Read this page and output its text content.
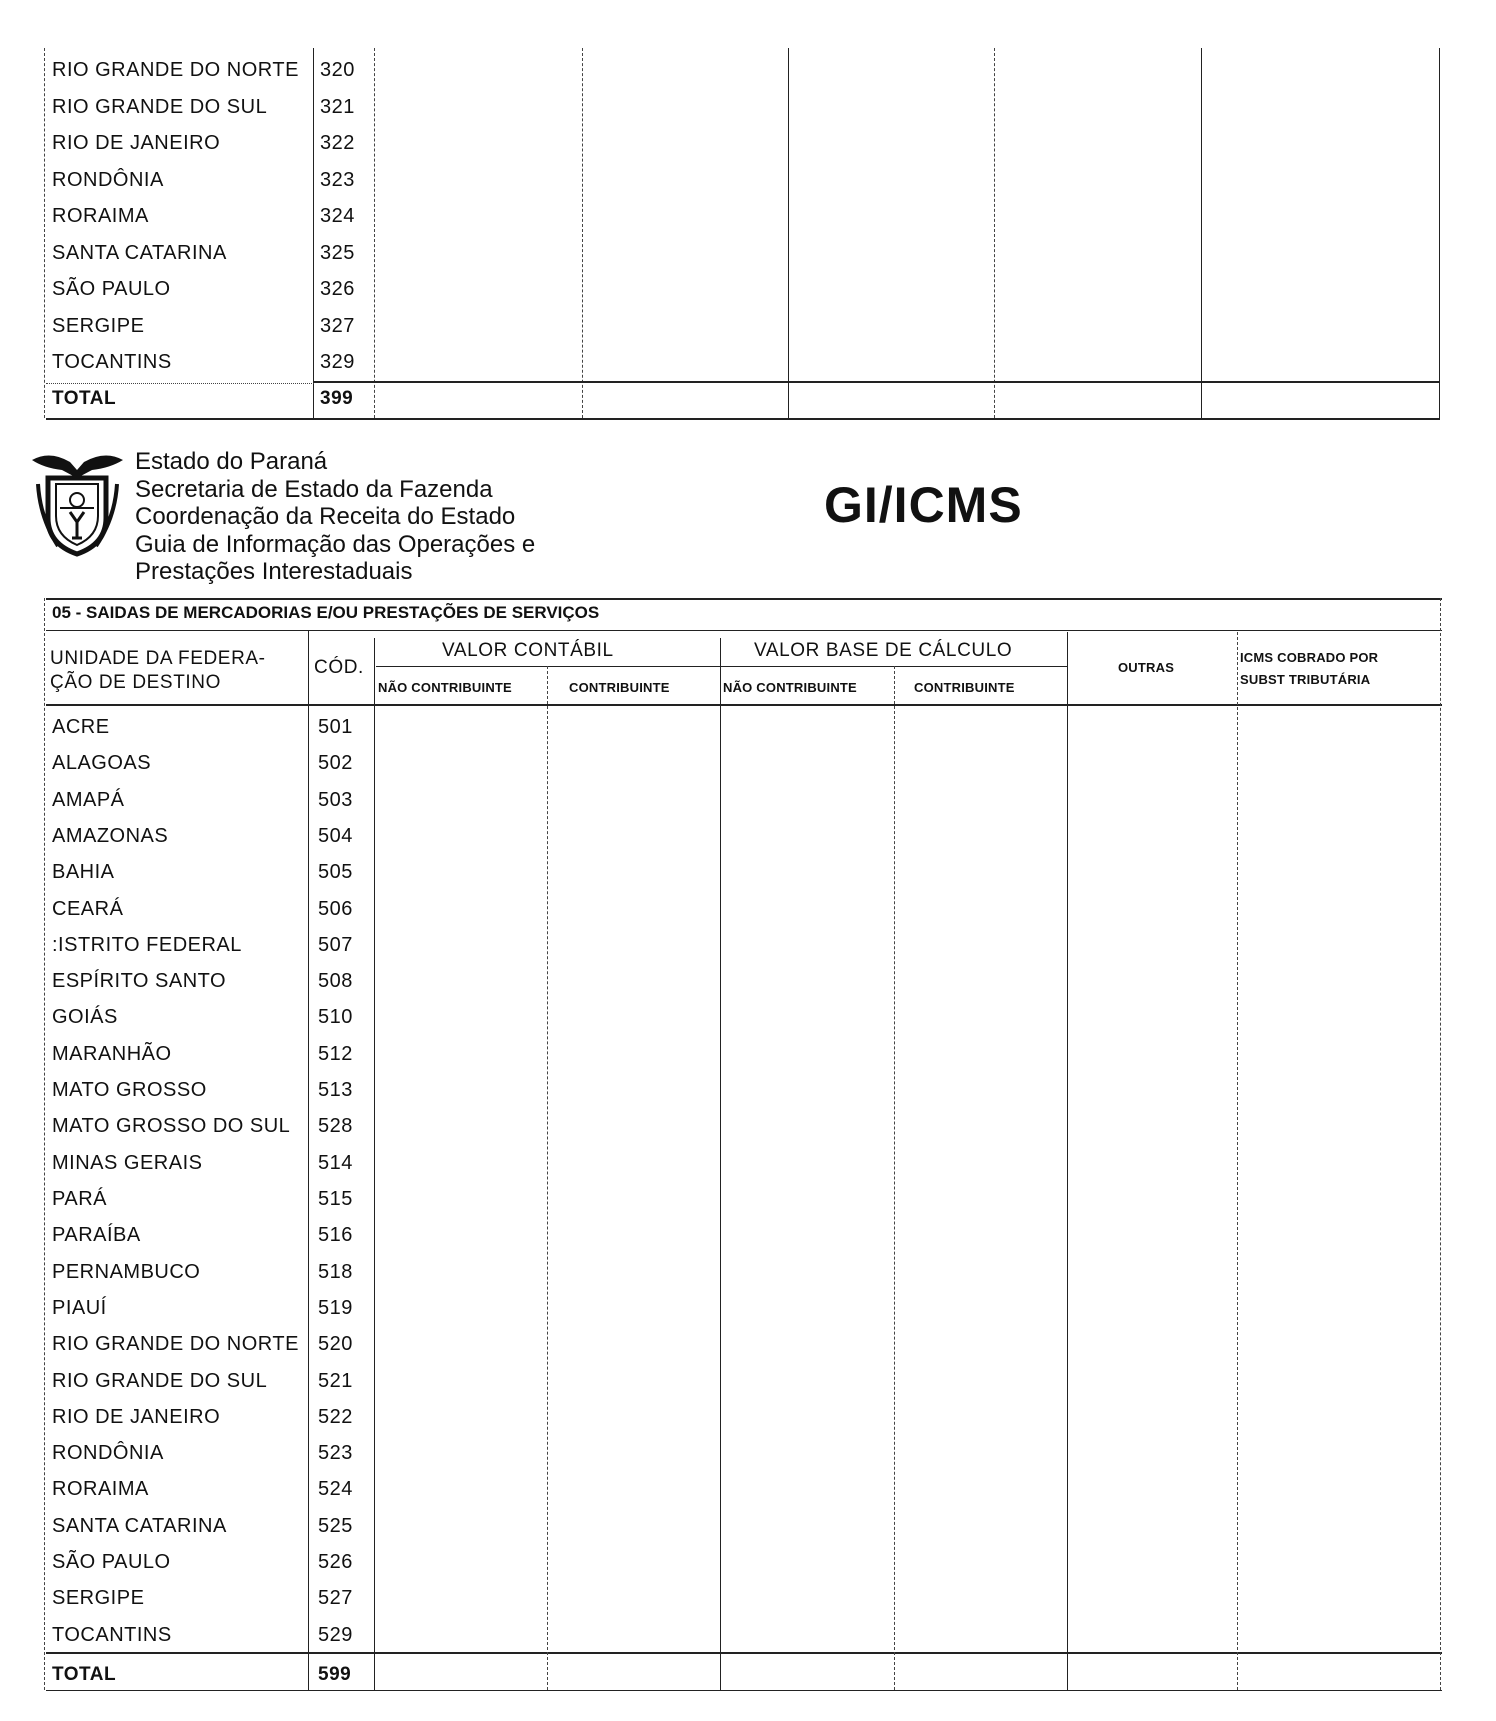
RIO GRANDE DO NORTE 320
RIO GRANDE DO SUL	321
RIO DE JANEIRO	322
RONDÔNIA	323
RORAIMA	324
SANTA CATARINA	325
SÃO PAULO	326
SERGIPE	327
TOCANTINS	329
TOTAL	399
Estado do Paraná
Secretaria de Estado da Fazenda
Coordenação da Receita do Estado
Guia de Informação das Operações e
Prestações Interestaduais
GI/ICMS
05 - SAIDAS DE MERCADORIAS E/OU PRESTAÇÕES DE SERVIÇOS
UNIDADE DA FEDERA-
ÇÃO DE DESTINO
CÓD.
VALOR CONTÁBIL	VALOR BASE DE CÁLCULO
NÃO CONTRIBUINTE	CONTRIBUINTE	NÃO CONTRIBUINTE	CONTRIBUINTE
OUTRAS
ICMS COBRADO POR
SUBST TRIBUTÁRIA
ACRE	501
ALAGOAS	502
AMAPÁ	503
AMAZONAS	504
BAHIA	505
CEARÁ	506
:ISTRITO FEDERAL	507
ESPÍRITO SANTO	508
GOIÁS	510
MARANHÃO	512
MATO GROSSO	513
MATO GROSSO DO SUL 528
MINAS GERAIS	514
PARÁ	515
PARAÍBA	516
PERNAMBUCO	518
PIAUÍ	519
RIO GRANDE DO NORTE 520
RIO GRANDE DO SUL	521
RIO DE JANEIRO	522
RONDÔNIA	523
RORAIMA	524
SANTA CATARINA	525
SÃO PAULO	526
SERGIPE	527
TOCANTINS	529
TOTAL	599
